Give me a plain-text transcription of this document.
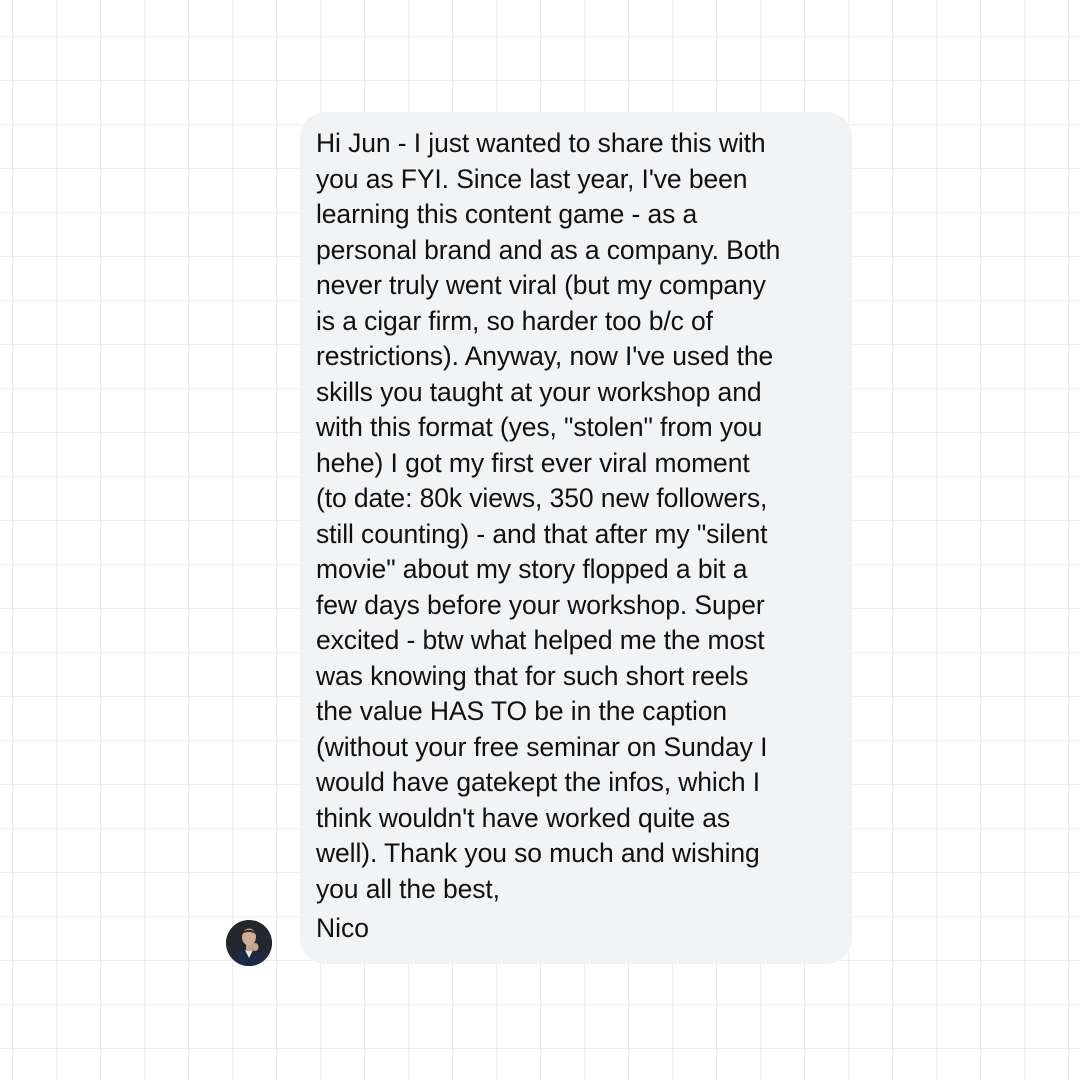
Hi Jun - I just wanted to share this with
you as FYI. Since last year, I've been
learning this content game - as a
personal brand and as a company. Both
never truly went viral (but my company
is a cigar firm, so harder too b/c of
restrictions). Anyway, now I've used the
skills you taught at your workshop and
with this format (yes, "stolen" from you
hehe) I got my first ever viral moment
(to date: 80k views, 350 new followers,
still counting) - and that after my "silent
movie" about my story flopped a bit a
few days before your workshop. Super
excited - btw what helped me the most
was knowing that for such short reels
the value HAS TO be in the caption
(without your free seminar on Sunday I
would have gatekept the infos, which I
think wouldn't have worked quite as
well). Thank you so much and wishing
you all the best,

Nico
